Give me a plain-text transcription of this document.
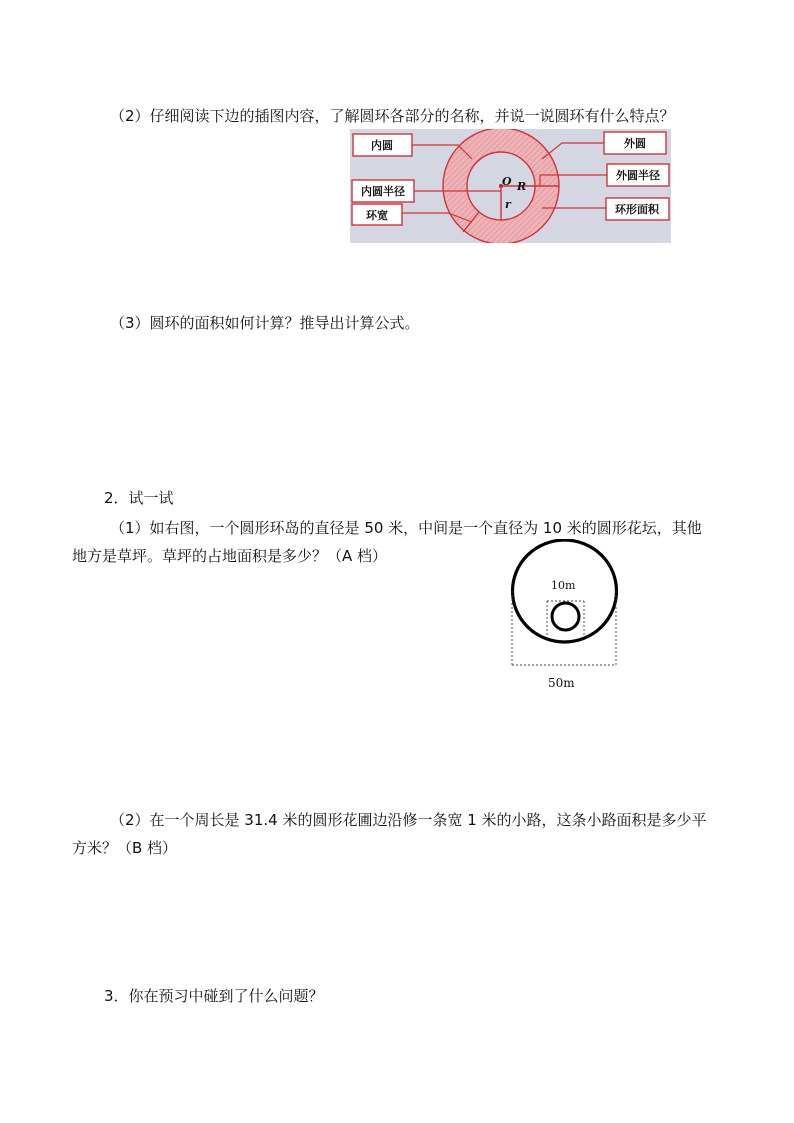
（2）仔细阅读下边的插图内容，了解圆环各部分的名称，并说一说圆环有什么特点？
O R
r
内圆
内圆半径
环宽
外圆
外圆半径
环形面积
（3）圆环的面积如何计算？推导出计算公式。
2．试一试
（1）如右图，一个圆形环岛的直径是 50 米，中间是一个直径为 10 米的圆形花坛，其他
地方是草坪。草坪的占地面积是多少？（A 档）
10m
50m
（2）在一个周长是 31.4 米的圆形花圃边沿修一条宽 1 米的小路，这条小路面积是多少平
方米？（B 档）
3．你在预习中碰到了什么问题？
